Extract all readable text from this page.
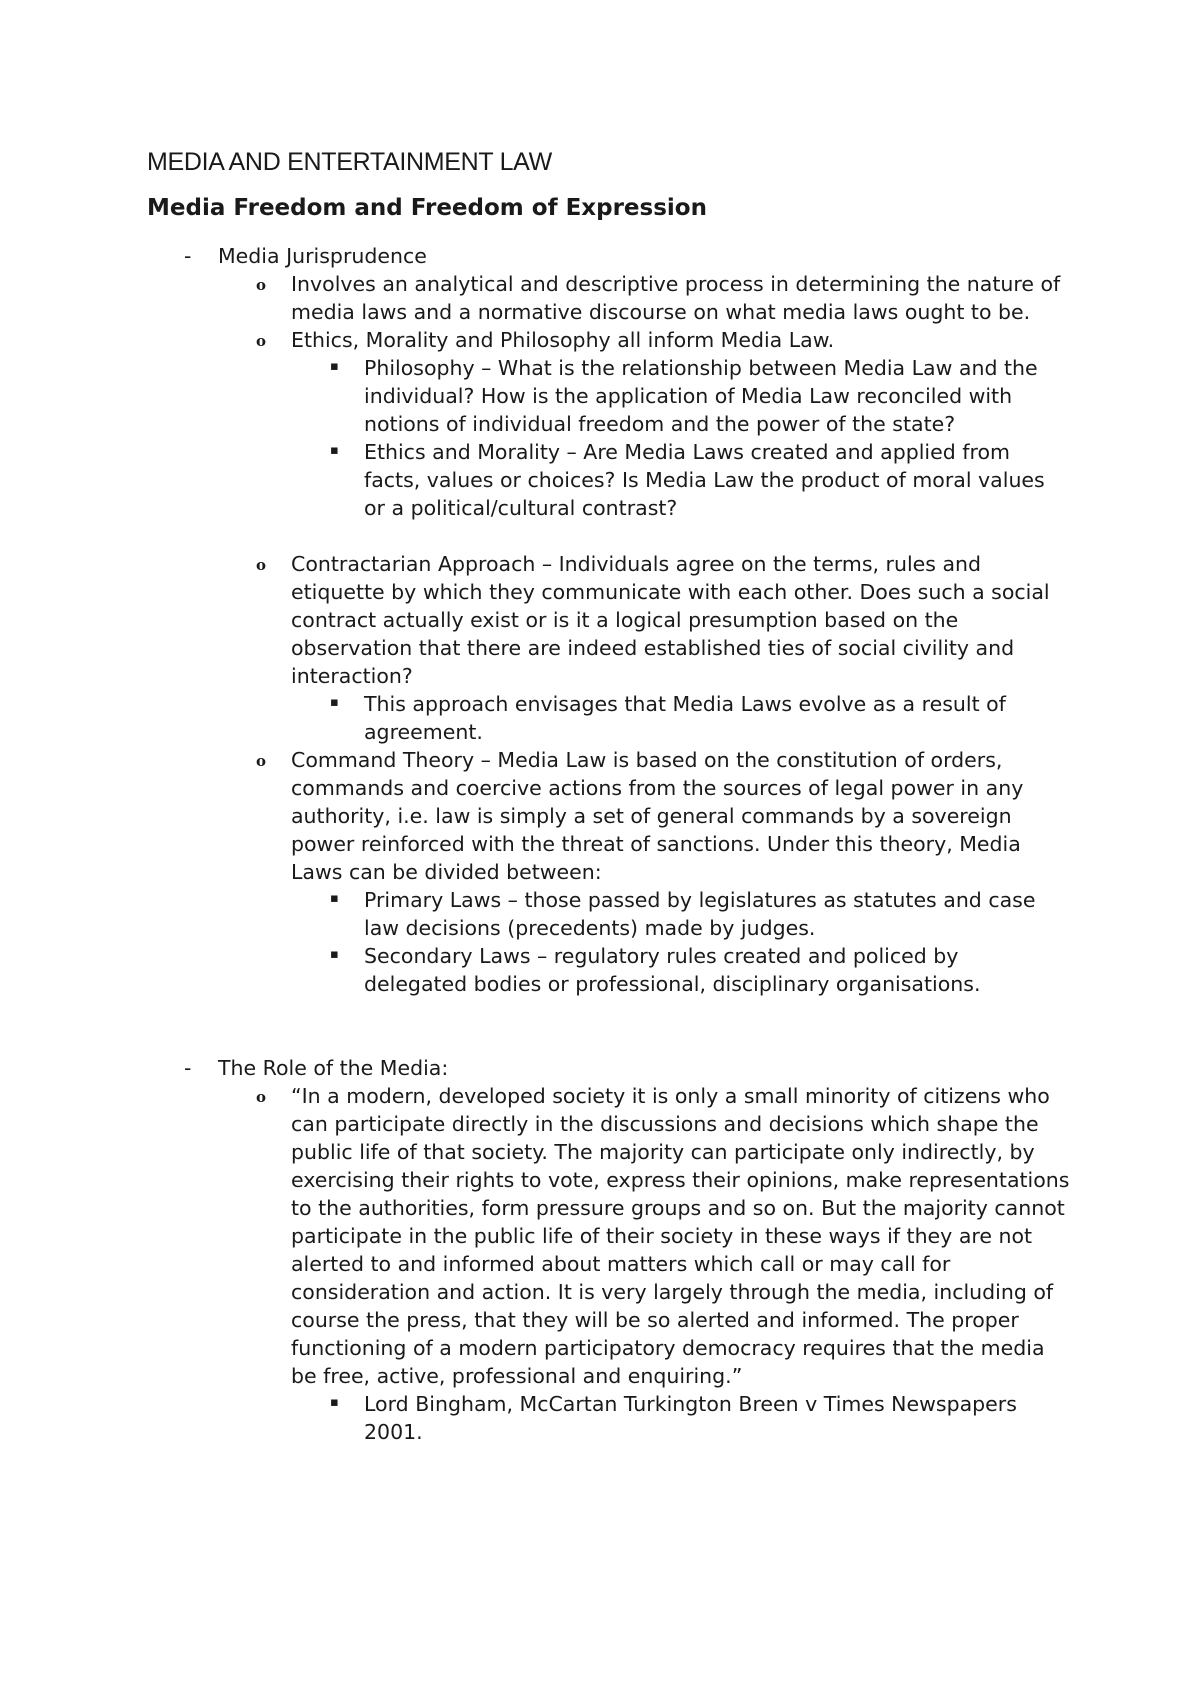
MEDIA AND ENTERTAINMENT LAW
Media Freedom and Freedom of Expression
- Media Jurisprudence
o Involves an analytical and descriptive process in determining the nature of media laws and a normative discourse on what media laws ought to be.
o Ethics, Morality and Philosophy all inform Media Law.
▪ Philosophy – What is the relationship between Media Law and the individual? How is the application of Media Law reconciled with notions of individual freedom and the power of the state?
▪ Ethics and Morality – Are Media Laws created and applied from facts, values or choices? Is Media Law the product of moral values or a political/cultural contrast?
o Contractarian Approach – Individuals agree on the terms, rules and etiquette by which they communicate with each other. Does such a social contract actually exist or is it a logical presumption based on the observation that there are indeed established ties of social civility and interaction?
▪ This approach envisages that Media Laws evolve as a result of agreement.
o Command Theory – Media Law is based on the constitution of orders, commands and coercive actions from the sources of legal power in any authority, i.e. law is simply a set of general commands by a sovereign power reinforced with the threat of sanctions. Under this theory, Media Laws can be divided between:
▪ Primary Laws – those passed by legislatures as statutes and case law decisions (precedents) made by judges.
▪ Secondary Laws – regulatory rules created and policed by delegated bodies or professional, disciplinary organisations.
- The Role of the Media:
o “In a modern, developed society it is only a small minority of citizens who can participate directly in the discussions and decisions which shape the public life of that society. The majority can participate only indirectly, by exercising their rights to vote, express their opinions, make representations to the authorities, form pressure groups and so on. But the majority cannot participate in the public life of their society in these ways if they are not alerted to and informed about matters which call or may call for consideration and action. It is very largely through the media, including of course the press, that they will be so alerted and informed. The proper functioning of a modern participatory democracy requires that the media be free, active, professional and enquiring.”
▪ Lord Bingham, McCartan Turkington Breen v Times Newspapers 2001.
